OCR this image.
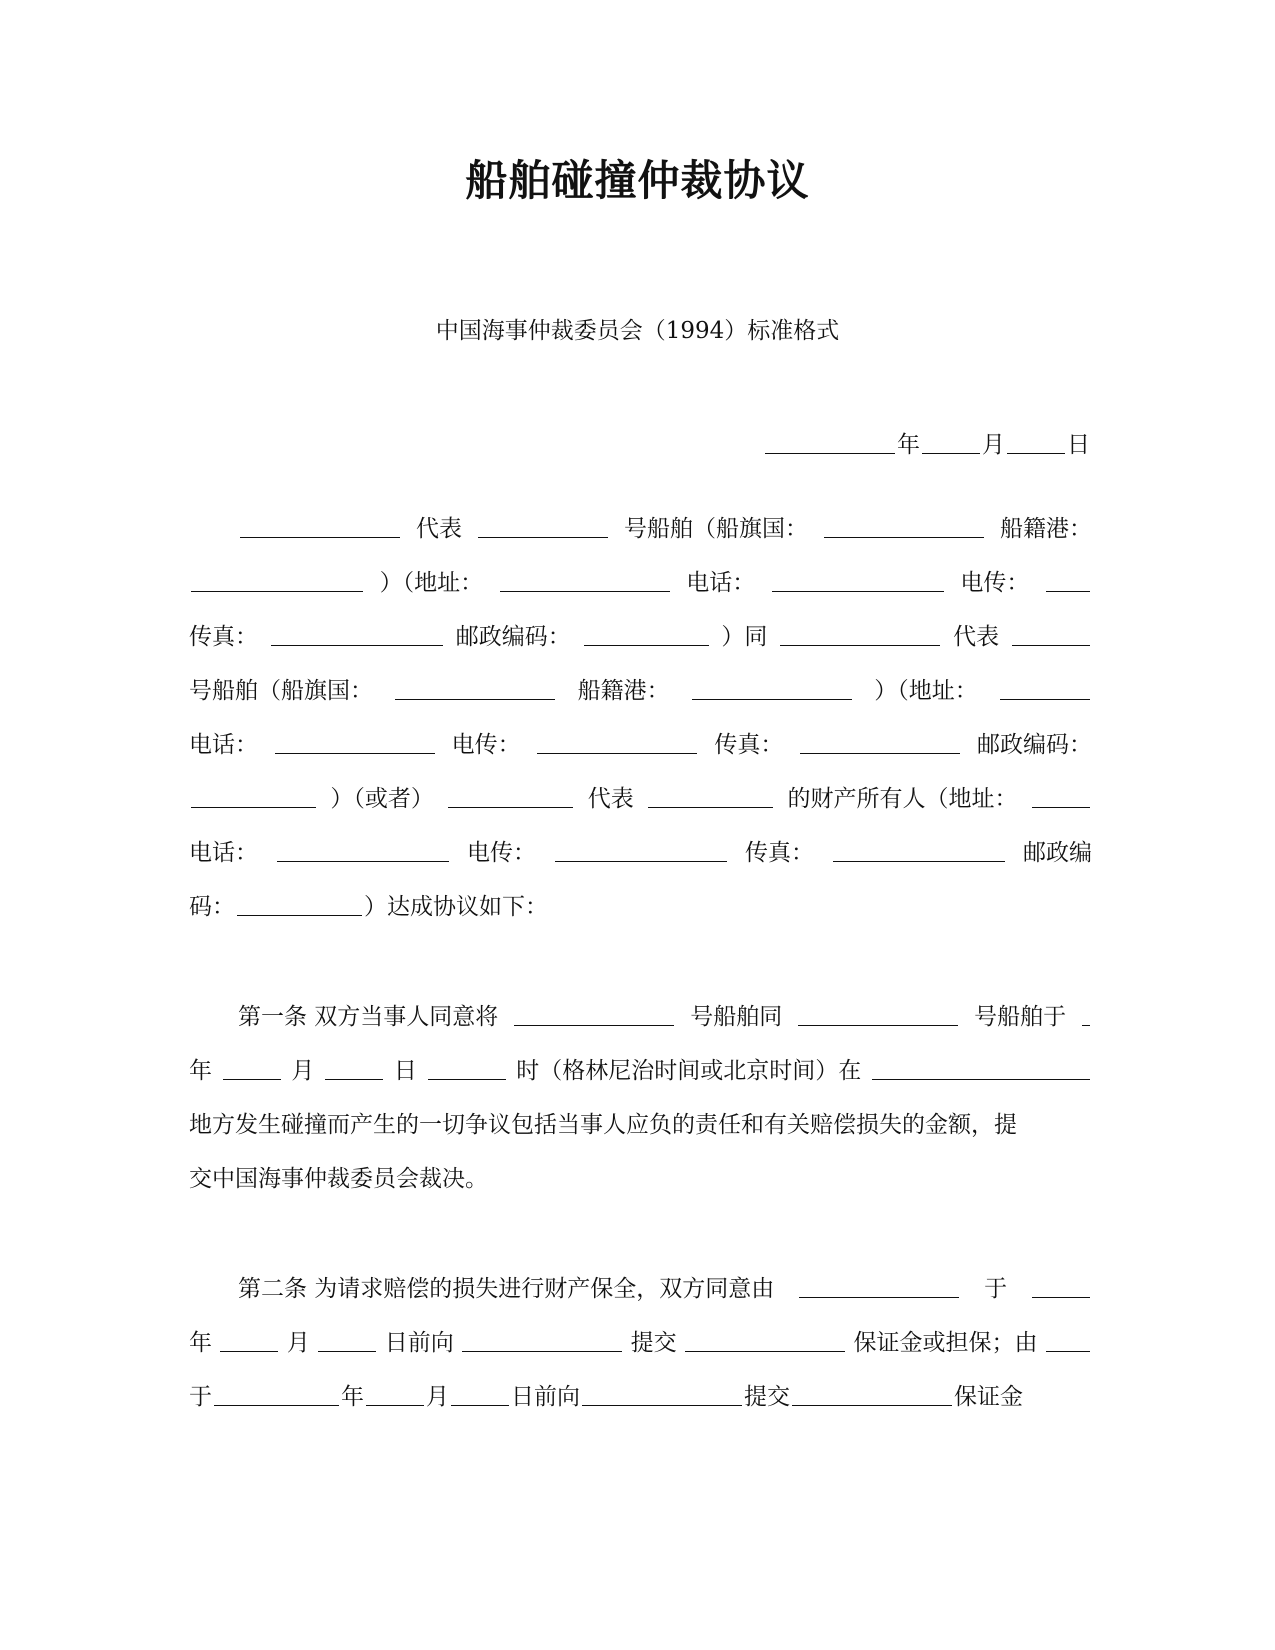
船舶碰撞仲裁协议
中国海事仲裁委员会（1994）标准格式
年	月	日
代表	号船舶（船旗国：	船籍港：
）（地址：	电话：	电传：
传真：	邮政编码：	）同	代表
号船舶（船旗国：	船籍港：	）（地址：
电话：	电传：	传真：	邮政编码：
）（或者）	代表	的财产所有人（地址：
电话：	电传：	传真：	邮政编
码：	）达成协议如下：
第一条 双方当事人同意将	号船舶同	号船舶于
年	月	日	时（格林尼治时间或北京时间）在
地方发生碰撞而产生的一切争议包括当事人应负的责任和有关赔偿损失的金额，提
交中国海事仲裁委员会裁决。
第二条 为请求赔偿的损失进行财产保全，双方同意由	于
年	月	日前向	提交	保证金或担保；由
于	年	月	日前向	提交	保证金
